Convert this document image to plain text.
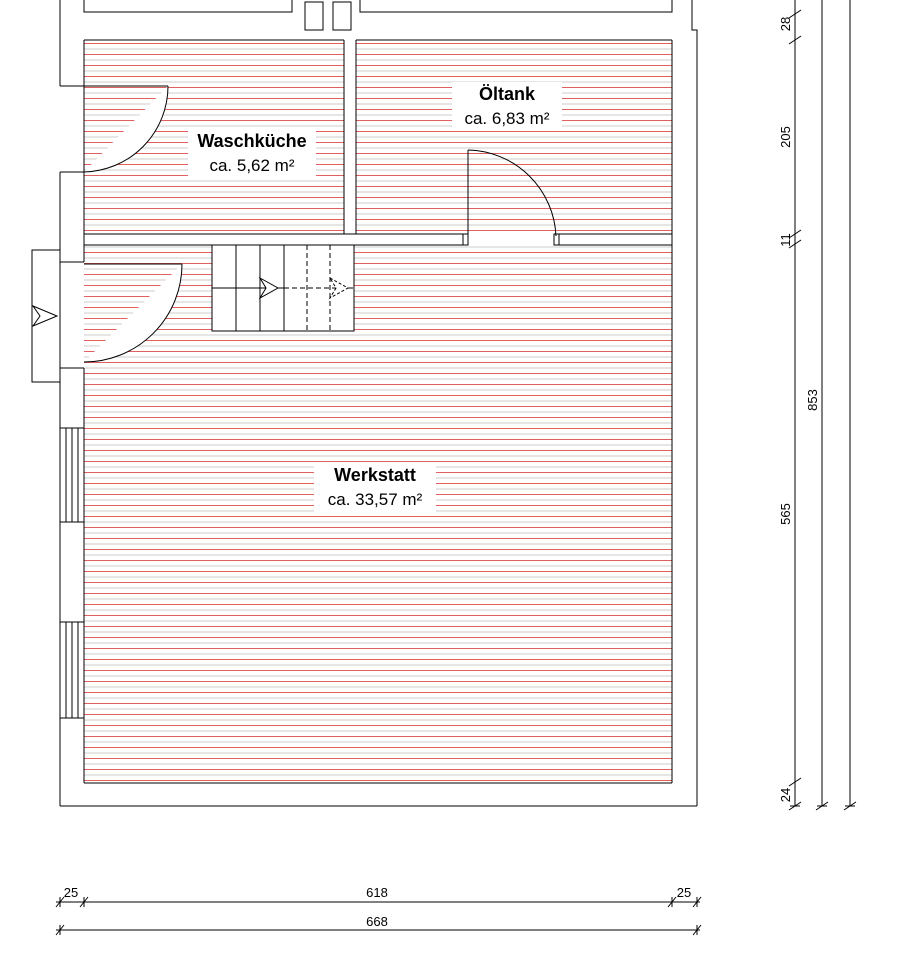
Waschküche
ca. 5,62 m²
Öltank
ca. 6,83 m²
Werkstatt
ca. 33,57 m²
28
205
11
565
24
853
25	618	25
668
